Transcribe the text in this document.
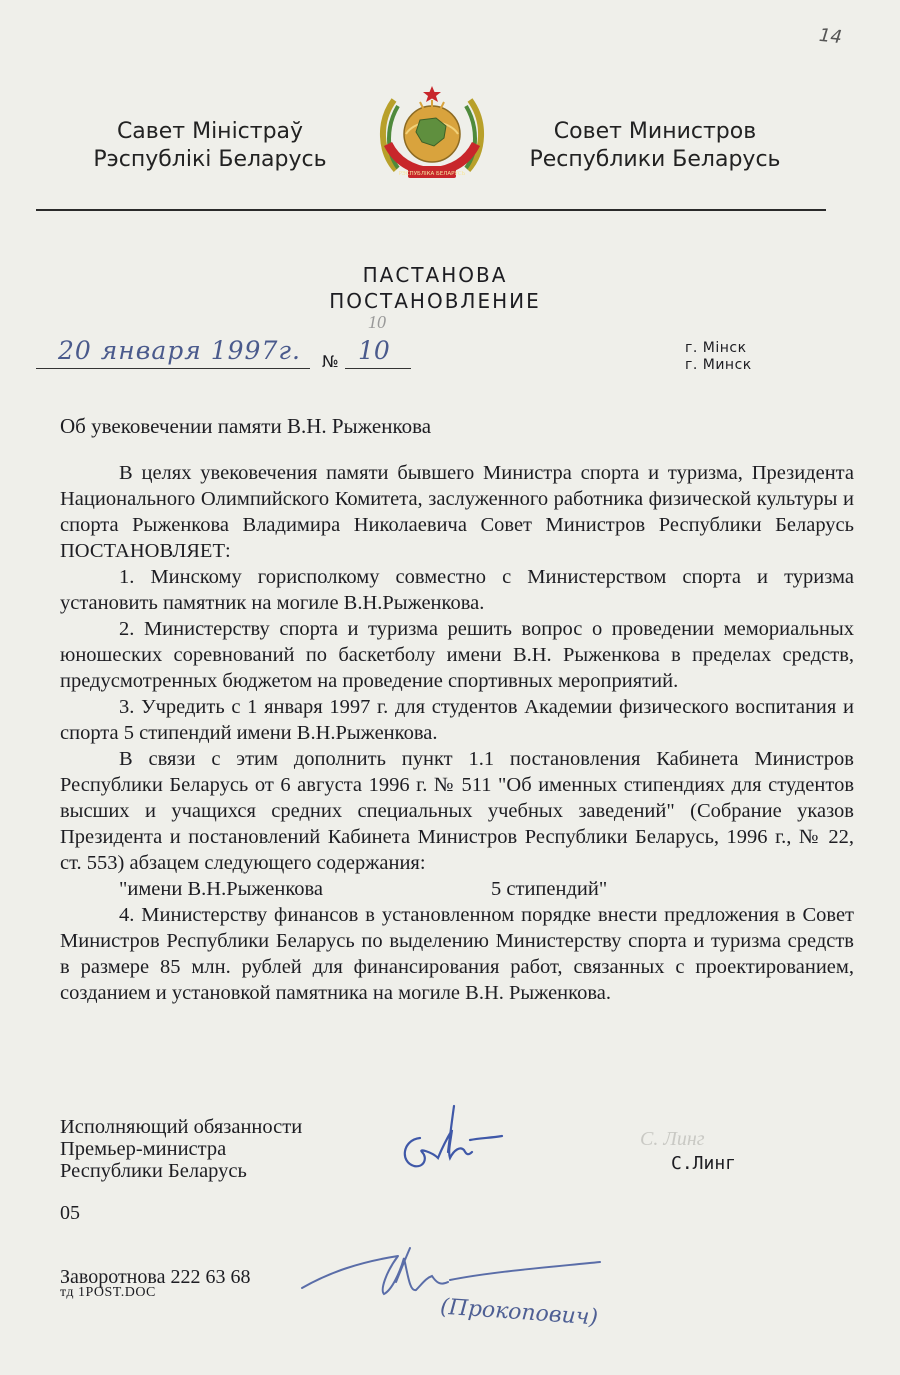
14
Савет Міністраў
Рэспублікі Беларусь
РЭСПУБЛІКА БЕЛАРУСЬ
Совет Министров
Республики Беларусь
ПАСТАНОВА
ПОСТАНОВЛЕНИЕ
10
20 января 1997г. № 10	г. Мінск
г. Минск
Об увековечении памяти В.Н. Рыженкова

В целях увековечения памяти бывшего Министра спорта и туризма, Президента Национального Олимпийского Комитета, заслуженного работника физической культуры и спорта Рыженкова Владимира Николаевича Совет Министров Республики Беларусь ПОСТАНОВЛЯЕТ:

1. Минскому горисполкому совместно с Министерством спорта и туризма установить памятник на могиле В.Н.Рыженкова.

2. Министерству спорта и туризма решить вопрос о проведении мемориальных юношеских соревнований по баскетболу имени В.Н. Рыженкова в пределах средств, предусмотренных бюджетом на проведение спортивных мероприятий.

3. Учредить с 1 января 1997 г. для студентов Академии физического воспитания и спорта 5 стипендий имени В.Н.Рыженкова.

В связи с этим дополнить пункт 1.1 постановления Кабинета Министров Республики Беларусь от 6 августа 1996 г. № 511 "Об именных стипендиях для студентов высших и учащихся средних специальных учебных заведений" (Собрание указов Президента и постановлений Кабинета Министров Республики Беларусь, 1996 г., № 22, ст. 553) абзацем следующего содержания:

"имени В.Н.Рыженкова	5 стипендий"

4. Министерству финансов в установленном порядке внести предложения в Совет Министров Республики Беларусь по выделению Министерству спорта и туризма средств в размере 85 млн. рублей для финансирования работ, связанных с проектированием, созданием и установкой памятника на могиле В.Н. Рыженкова.

Исполняющий обязанности
Премьер-министра
Республики Беларусь
С. Линг
С.Линг
05
Заворотнова 222 63 68
тд 1POST.DOC
(Прокопович)
